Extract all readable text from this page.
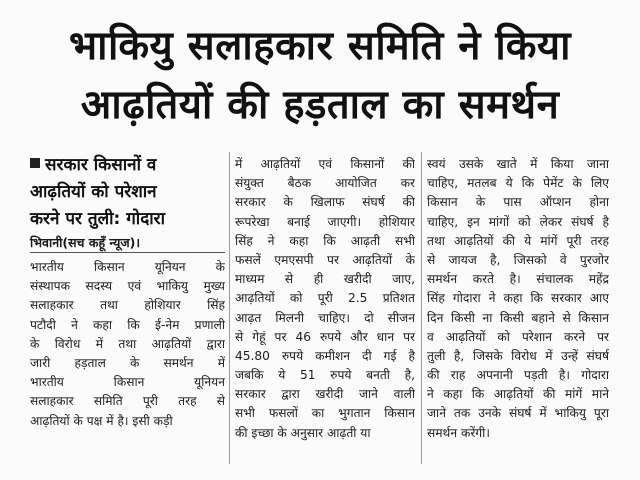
भाकियु सलाहकार समिति ने किया
आढ़तियों की हड़ताल का समर्थन
सरकार किसानों व
आढ़तियों को परेशान
करने पर तुली: गोदारा
भिवानी(सच कहूँ न्यूज)।
भारतीय किसान यूनियन के
संस्थापक सदस्य एवं भाकियु मुख्य
सलाहकार तथा होशियार सिंह
पटौदी ने कहा कि ई-नेम प्रणाली
के विरोध में तथा आढ़तियों द्वारा
जारी हड़ताल के समर्थन में
भारतीय किसान यूनियन
सलाहकार समिति पूरी तरह से
आढ़तियों के पक्ष में है। इसी कड़ी
में आढ़तियों एवं किसानों की
संयुक्त बैठक आयोजित कर
सरकार के खिलाफ संघर्ष की
रूपरेखा बनाई जाएगी। होशियार
सिंह ने कहा कि आढ़ती सभी
फसलें एमएसपी पर आढ़तियों के
माध्यम से ही खरीदी जाए,
आढ़तियों को पूरी 2.5 प्रतिशत
आढ़त मिलनी चाहिए। दो सीजन
से गेहूं पर 46 रुपये और धान पर
45.80 रुपये कमीशन दी गई है
जबकि ये 51 रुपये बनती है,
सरकार द्वारा खरीदी जाने वाली
सभी फसलों का भुगतान किसान
की इच्छा के अनुसार आढ़ती या
स्वयं उसके खाते में किया जाना
चाहिए, मतलब ये कि पेमेंट के लिए
किसान के पास ऑप्शन होना
चाहिए, इन मांगों को लेकर संघर्ष है
तथा आढ़तियों की ये मांगें पूरी तरह
से जायज है, जिसको वे पुरजोर
समर्थन करते है। संचालक महेंद्र
सिंह गोदारा ने कहा कि सरकार आए
दिन किसी ना किसी बहाने से किसान
व आढ़तियों को परेशान करने पर
तुली है, जिसके विरोध में उन्हें संघर्ष
की राह अपनानी पड़ती है। गोदारा
ने कहा कि आढ़तियों की मांगें माने
जाने तक उनके संघर्ष में भाकियु पूरा
समर्थन करेंगी।
